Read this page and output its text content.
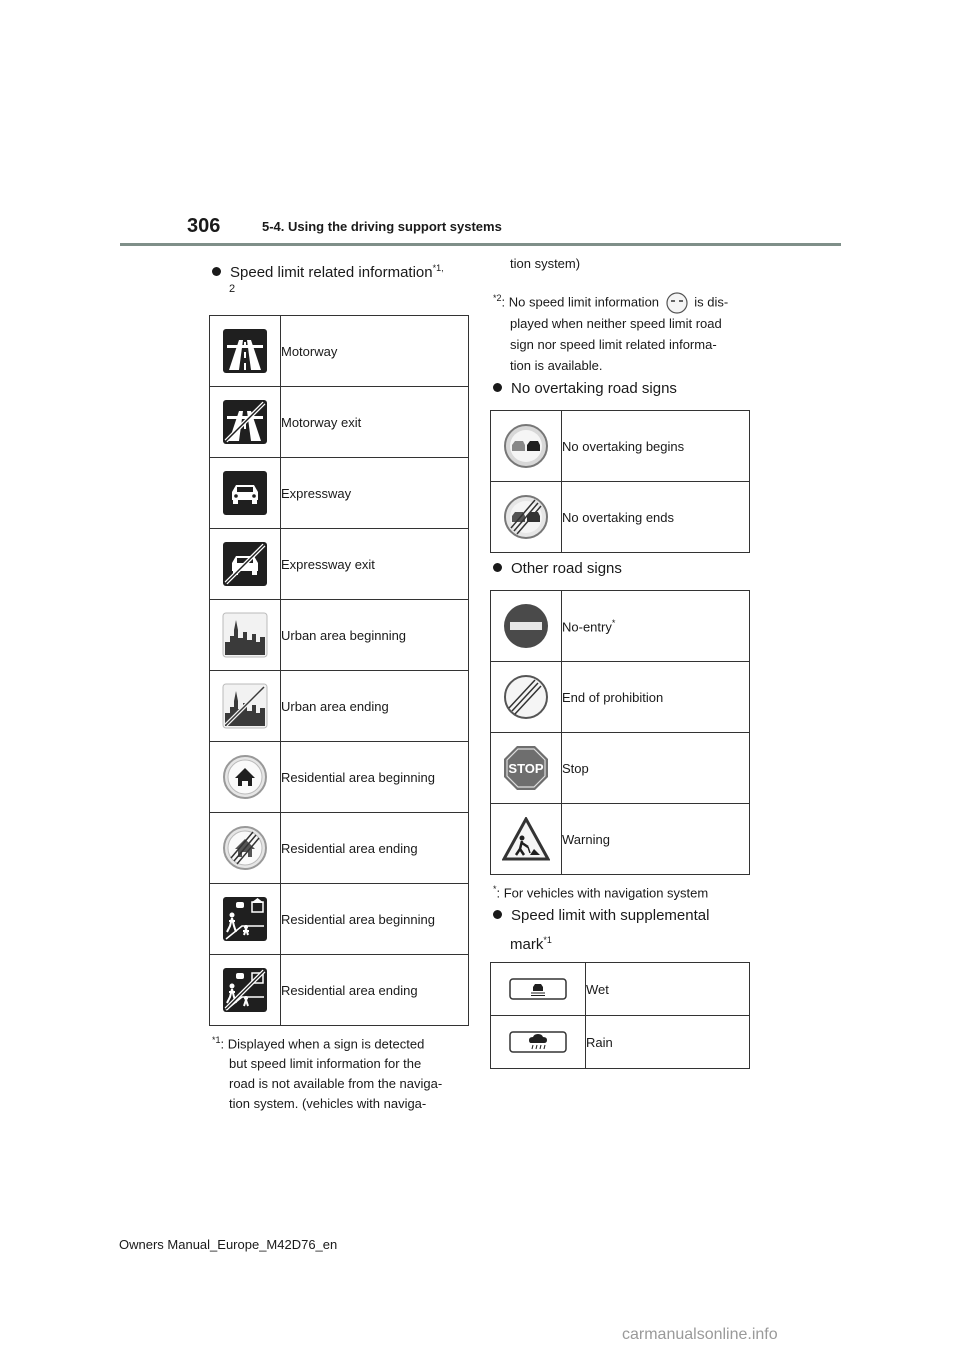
306	5-4. Using the driving support systems
Speed limit related information$^{*1,}$
2
	Motorway
	Motorway exit
	Expressway
	Expressway exit
	Urban area beginning
	Urban area ending
	Residential area beginning
	Residential area ending
	Residential area beginning
	Residential area ending
$^{*1}$: Displayed when a sign is detected
but speed limit information for the
road is not available from the naviga-
tion system. (vehicles with naviga-
tion system)
$^{*2}$: No speed limit information	is dis-
played when neither speed limit road
sign nor speed limit related informa-
tion is available.
No overtaking road signs
	No overtaking begins
	No overtaking ends
Other road signs
	No-entry*
	End of prohibition

STOP	Stop
	Warning
*: For vehicles with navigation system
Speed limit with supplemental
mark$^{*1}$
	Wet
	Rain
Owners Manual_Europe_M42D76_en
carmanualsonline.info
